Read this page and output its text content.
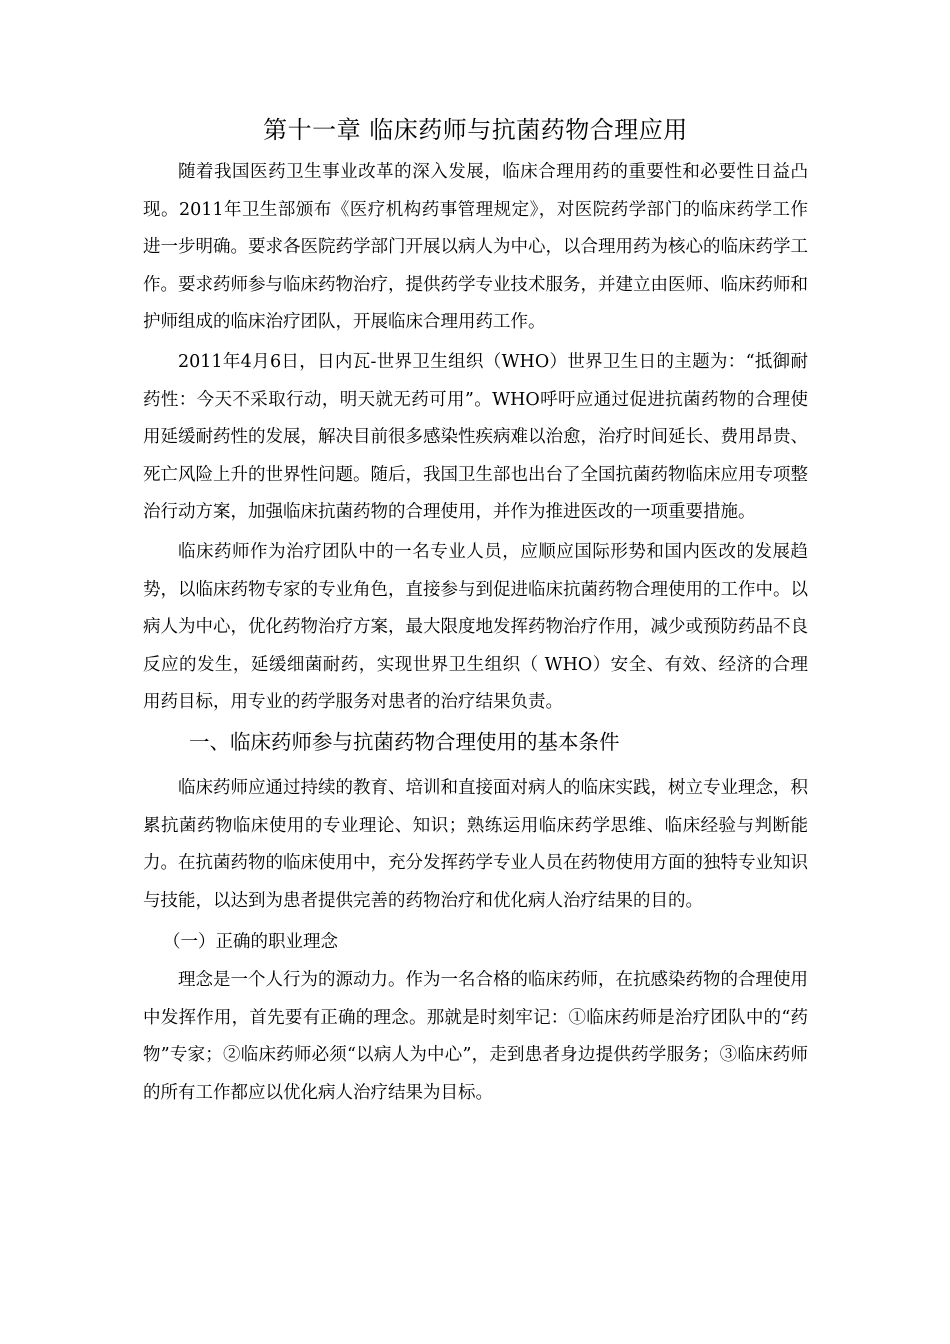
第十一章 临床药师与抗菌药物合理应用

随着我国医药卫生事业改革的深入发展，临床合理用药的重要性和必要性日益凸现。2011年卫生部颁布《医疗机构药事管理规定》，对医院药学部门的临床药学工作进一步明确。要求各医院药学部门开展以病人为中心，以合理用药为核心的临床药学工作。要求药师参与临床药物治疗，提供药学专业技术服务，并建立由医师、临床药师和护师组成的临床治疗团队，开展临床合理用药工作。

2011年4月6日，日内瓦-世界卫生组织（WHO）世界卫生日的主题为：“抵御耐药性：今天不采取行动，明天就无药可用”。WHO呼吁应通过促进抗菌药物的合理使用延缓耐药性的发展，解决目前很多感染性疾病难以治愈，治疗时间延长、费用昂贵、死亡风险上升的世界性问题。随后，我国卫生部也出台了全国抗菌药物临床应用专项整治行动方案，加强临床抗菌药物的合理使用，并作为推进医改的一项重要措施。

临床药师作为治疗团队中的一名专业人员，应顺应国际形势和国内医改的发展趋势，以临床药物专家的专业角色，直接参与到促进临床抗菌药物合理使用的工作中。以病人为中心，优化药物治疗方案，最大限度地发挥药物治疗作用，减少或预防药品不良反应的发生，延缓细菌耐药，实现世界卫生组织（ WHO）安全、有效、经济的合理用药目标，用专业的药学服务对患者的治疗结果负责。

一、临床药师参与抗菌药物合理使用的基本条件

临床药师应通过持续的教育、培训和直接面对病人的临床实践，树立专业理念，积累抗菌药物临床使用的专业理论、知识；熟练运用临床药学思维、临床经验与判断能力。在抗菌药物的临床使用中，充分发挥药学专业人员在药物使用方面的独特专业知识与技能，以达到为患者提供完善的药物治疗和优化病人治疗结果的目的。

（一）正确的职业理念

理念是一个人行为的源动力。作为一名合格的临床药师，在抗感染药物的合理使用中发挥作用，首先要有正确的理念。那就是时刻牢记：①临床药师是治疗团队中的“药物”专家；②临床药师必须“以病人为中心”，走到患者身边提供药学服务；③临床药师的所有工作都应以优化病人治疗结果为目标。
